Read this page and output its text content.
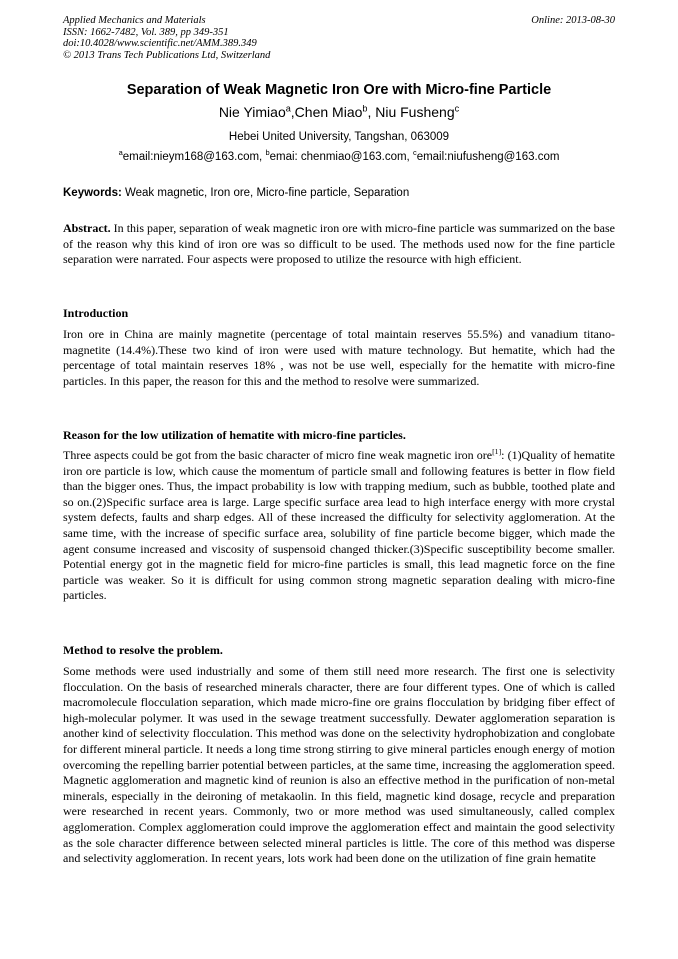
Applied Mechanics and Materials
ISSN: 1662-7482, Vol. 389, pp 349-351
doi:10.4028/www.scientific.net/AMM.389.349
© 2013 Trans Tech Publications Ltd, Switzerland
Online: 2013-08-30
Separation of Weak Magnetic Iron Ore with Micro-fine Particle
Nie Yimiao$^a$,Chen Miao$^b$, Niu Fusheng$^c$
Hebei United University, Tangshan, 063009
$^a$email:nieym168@163.com, $^b$emai: chenmiao@163.com, $^c$email:niufusheng@163.com
Keywords: Weak magnetic, Iron ore, Micro-fine particle, Separation
Abstract. In this paper, separation of weak magnetic iron ore with micro-fine particle was summarized on the base of the reason why this kind of iron ore was so difficult to be used. The methods used now for the fine particle separation were narrated. Four aspects were proposed to utilize the resource with high efficient.
Introduction
Iron ore in China are mainly magnetite (percentage of total maintain reserves 55.5%) and vanadium titano-magnetite (14.4%).These two kind of iron were used with mature technology. But hematite, which had the percentage of total maintain reserves 18% , was not be use well, especially for the hematite with micro-fine particles. In this paper, the reason for this and the method to resolve were summarized.
Reason for the low utilization of hematite with micro-fine particles.
Three aspects could be got from the basic character of micro fine weak magnetic iron ore[1]: (1)Quality of hematite iron ore particle is low, which cause the momentum of particle small and following features is better in flow field than the bigger ones. Thus, the impact probability is low with trapping medium, such as bubble, toothed plate and so on.(2)Specific surface area is large. Large specific surface area lead to high interface energy with more crystal system defects, faults and sharp edges. All of these increased the difficulty for selectivity agglomeration. At the same time, with the increase of specific surface area, solubility of fine particle become bigger, which made the agent consume increased and viscosity of suspensoid changed thicker.(3)Specific susceptibility become smaller. Potential energy got in the magnetic field for micro-fine particles is small, this lead magnetic force on the fine particle was weaker. So it is difficult for using common strong magnetic separation dealing with micro-fine particles.
Method to resolve the problem.
Some methods were used industrially and some of them still need more research. The first one is selectivity flocculation. On the basis of researched minerals character, there are four different types. One of which is called macromolecule flocculation separation, which made micro-fine ore grains flocculation by bridging fiber effect of high-molecular polymer. It was used in the sewage treatment successfully. Dewater agglomeration separation is another kind of selectivity flocculation. This method was done on the selectivity hydrophobization and conglobate for different mineral particle. It needs a long time strong stirring to give mineral particles enough energy of motion overcoming the repelling barrier potential between particles, at the same time, increasing the agglomeration speed. Magnetic agglomeration and magnetic kind of reunion is also an effective method in the purification of non-metal minerals, especially in the deironing of metakaolin. In this field, magnetic kind dosage, recycle and preparation were researched in recent years. Commonly, two or more method was used simultaneously, called complex agglomeration. Complex agglomeration could improve the agglomeration effect and maintain the good selectivity as the sole character difference between selected mineral particles is little. The core of this method was disperse and selectivity agglomeration. In recent years, lots work had been done on the utilization of fine grain hematite
